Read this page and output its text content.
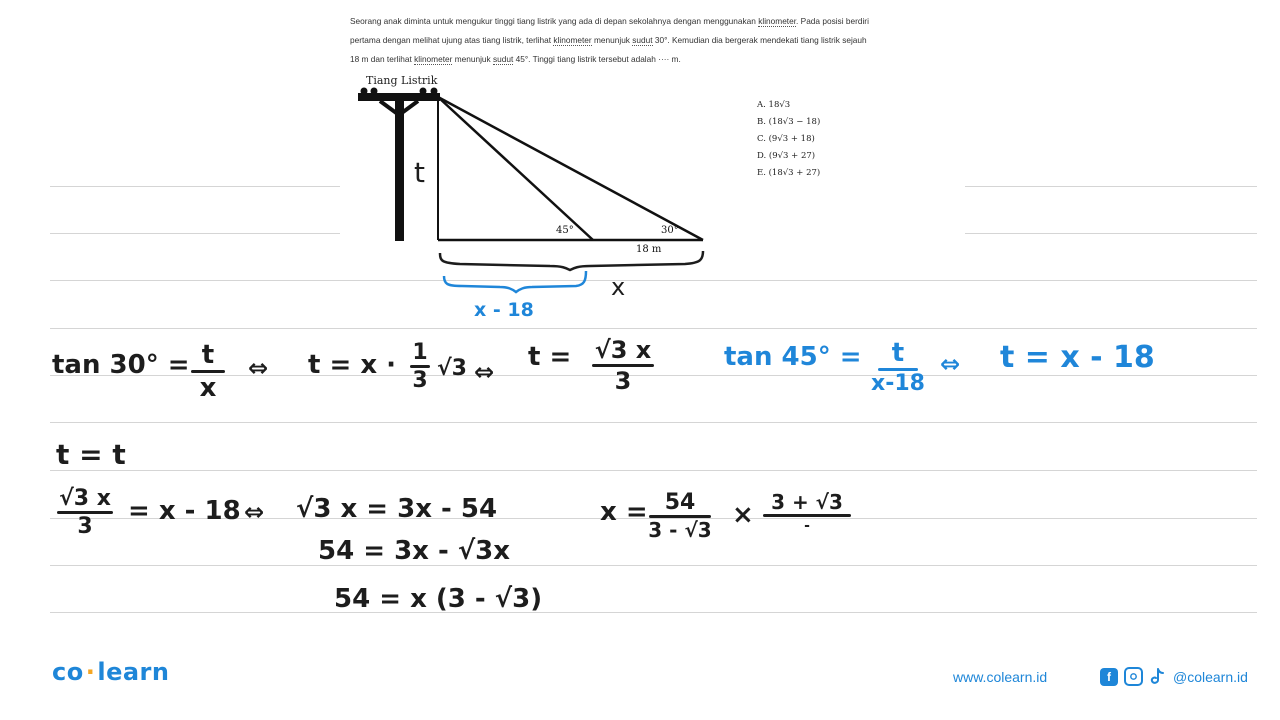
Seorang anak diminta untuk mengukur tinggi tiang listrik yang ada di depan sekolahnya dengan menggunakan klinometer. Pada posisi berdiri
pertama dengan melihat ujung atas tiang listrik, terlihat klinometer menunjuk sudut 30°. Kemudian dia bergerak mendekati tiang listrik sejauh
18 m dan terlihat klinometer menunjuk sudut 45°. Tinggi tiang listrik tersebut adalah ···· m.
Tiang Listrik
45°	30°
18 m
t
x
x - 18
A. 18√3
B. (18√3 − 18)
C. (9√3 + 18)
D. (9√3 + 27)
E. (18√3 + 27)
tan 30° = t
x
⇔ t = x · 1
3 √3 ⇔ t = √3 x
3
tan 45° =	t
x-18
⇔ t = x - 18
t = t
√3 x
3
= x - 18 ⇔ √3 x = 3x - 54
54 = 3x - √3x
54 = x (3 - √3)
x = 54
3 - √3 × 3 + √3
-
co·learn	www.colearn.id	f	@colearn.id
